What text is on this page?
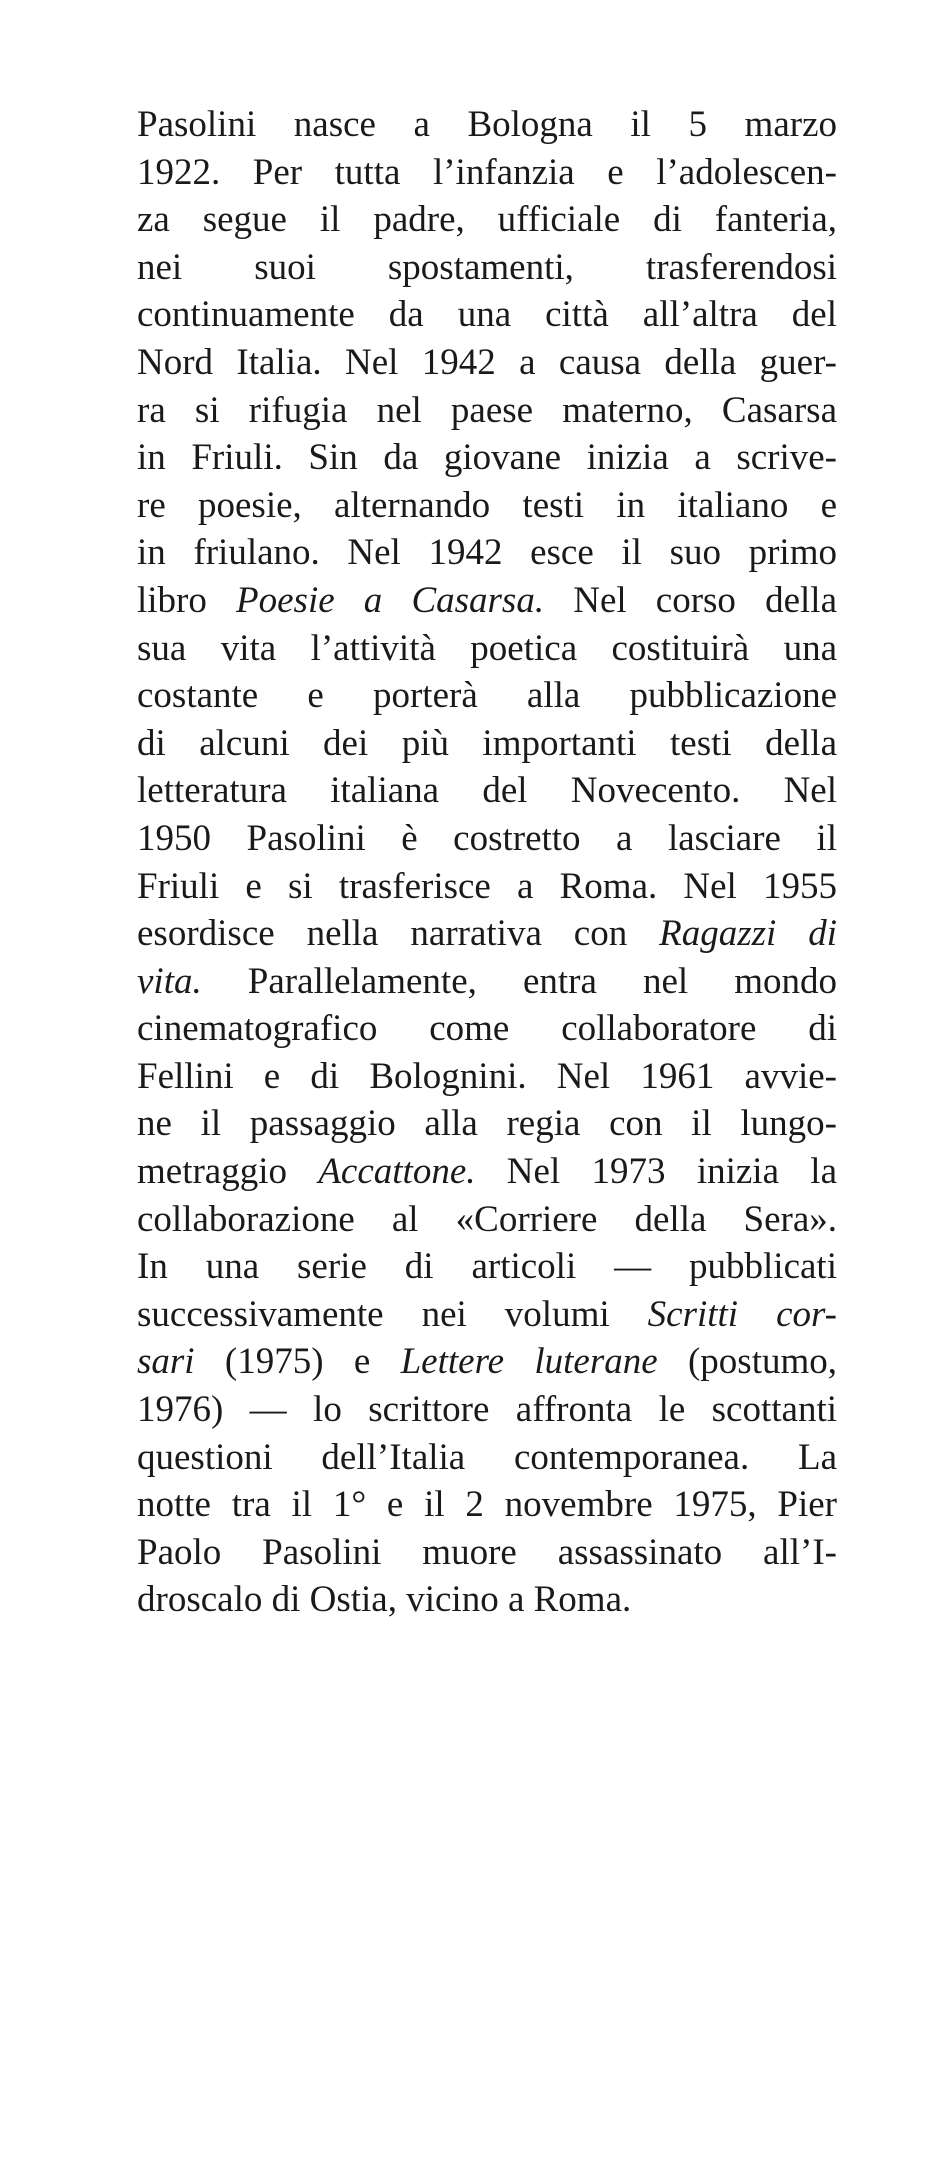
Pasolini nasce a Bologna il 5 marzo
1922. Per tutta l’infanzia e l’adolescen-
za segue il padre, ufficiale di fanteria,
nei suoi spostamenti, trasferendosi
continuamente da una città all’altra del
Nord Italia. Nel 1942 a causa della guer-
ra si rifugia nel paese materno, Casarsa
in Friuli. Sin da giovane inizia a scrive-
re poesie, alternando testi in italiano e
in friulano. Nel 1942 esce il suo primo
libro Poesie a Casarsa. Nel corso della
sua vita l’attività poetica costituirà una
costante e porterà alla pubblicazione
di alcuni dei più importanti testi della
letteratura italiana del Novecento. Nel
1950 Pasolini è costretto a lasciare il
Friuli e si trasferisce a Roma. Nel 1955
esordisce nella narrativa con Ragazzi di
vita. Parallelamente, entra nel mondo
cinematografico come collaboratore di
Fellini e di Bolognini. Nel 1961 avvie-
ne il passaggio alla regia con il lungo-
metraggio Accattone. Nel 1973 inizia la
collaborazione al «Corriere della Sera».
In una serie di articoli — pubblicati
successivamente nei volumi Scritti cor-
sari (1975) e Lettere luterane (postumo,
1976) — lo scrittore affronta le scottanti
questioni dell’Italia contemporanea. La
notte tra il 1° e il 2 novembre 1975, Pier
Paolo Pasolini muore assassinato all’I-
droscalo di Ostia, vicino a Roma.
